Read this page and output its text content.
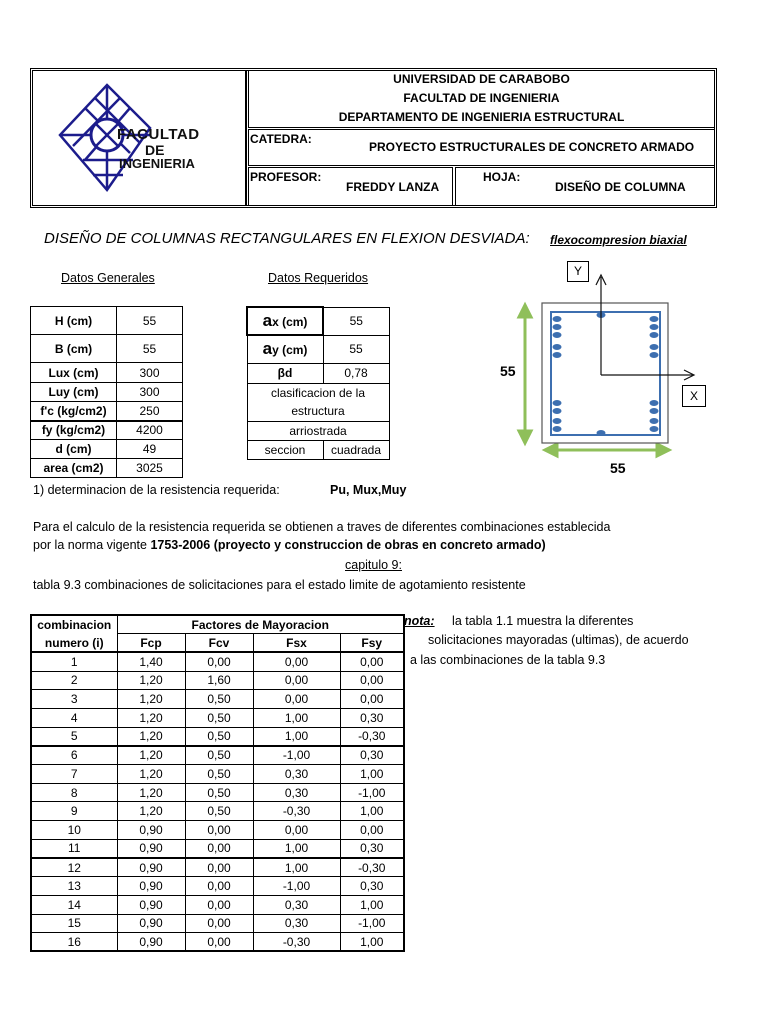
FACULTAD
DE
INGENIERIA
UNIVERSIDAD DE CARABOBO
FACULTAD DE INGENIERIA
DEPARTAMENTO DE INGENIERIA ESTRUCTURAL
CATEDRA:
PROYECTO ESTRUCTURALES DE CONCRETO ARMADO
PROFESOR:
FREDDY LANZA
HOJA:
DISEÑO DE COLUMNA
DISEÑO DE COLUMNAS RECTANGULARES EN FLEXION DESVIADA: flexocompresion biaxial
Datos Generales	Datos Requeridos
H (cm)	55
B (cm)	55
Lux (cm)	300
Luy (cm)	300
f'c (kg/cm2)	250
fy (kg/cm2)	4200
d (cm)	49
area (cm2)	3025
ax (cm)	55
ay (cm)	55
βd	0,78
clasificacion de la	
estructura	
arriostrada	
seccion	cuadrada
Y
X
55
55
1) determinacion de la resistencia requerida:	Pu, Mux,Muy
Para el calculo de la resistencia requerida se obtienen a traves de diferentes combinaciones establecida
por la norma vigente 1753-2006 (proyecto y construccion de obras en concreto armado)
capitulo 9:
tabla 9.3 combinaciones de solicitaciones para el estado limite de agotamiento resistente
combinacion	Factores de Mayoracion			
numero (i)	Fcp	Fcv	Fsx	Fsy
1	1,40	0,00	0,00	0,00
2	1,20	1,60	0,00	0,00
3	1,20	0,50	0,00	0,00
4	1,20	0,50	1,00	0,30
5	1,20	0,50	1,00	-0,30
6	1,20	0,50	-1,00	0,30
7	1,20	0,50	0,30	1,00
8	1,20	0,50	0,30	-1,00
9	1,20	0,50	-0,30	1,00
10	0,90	0,00	0,00	0,00
11	0,90	0,00	1,00	0,30
12	0,90	0,00	1,00	-0,30
13	0,90	0,00	-1,00	0,30
14	0,90	0,00	0,30	1,00
15	0,90	0,00	0,30	-1,00
16	0,90	0,00	-0,30	1,00
nota: la tabla 1.1 muestra la diferentes
solicitaciones mayoradas (ultimas), de acuerdo
a las combinaciones de la tabla 9.3
